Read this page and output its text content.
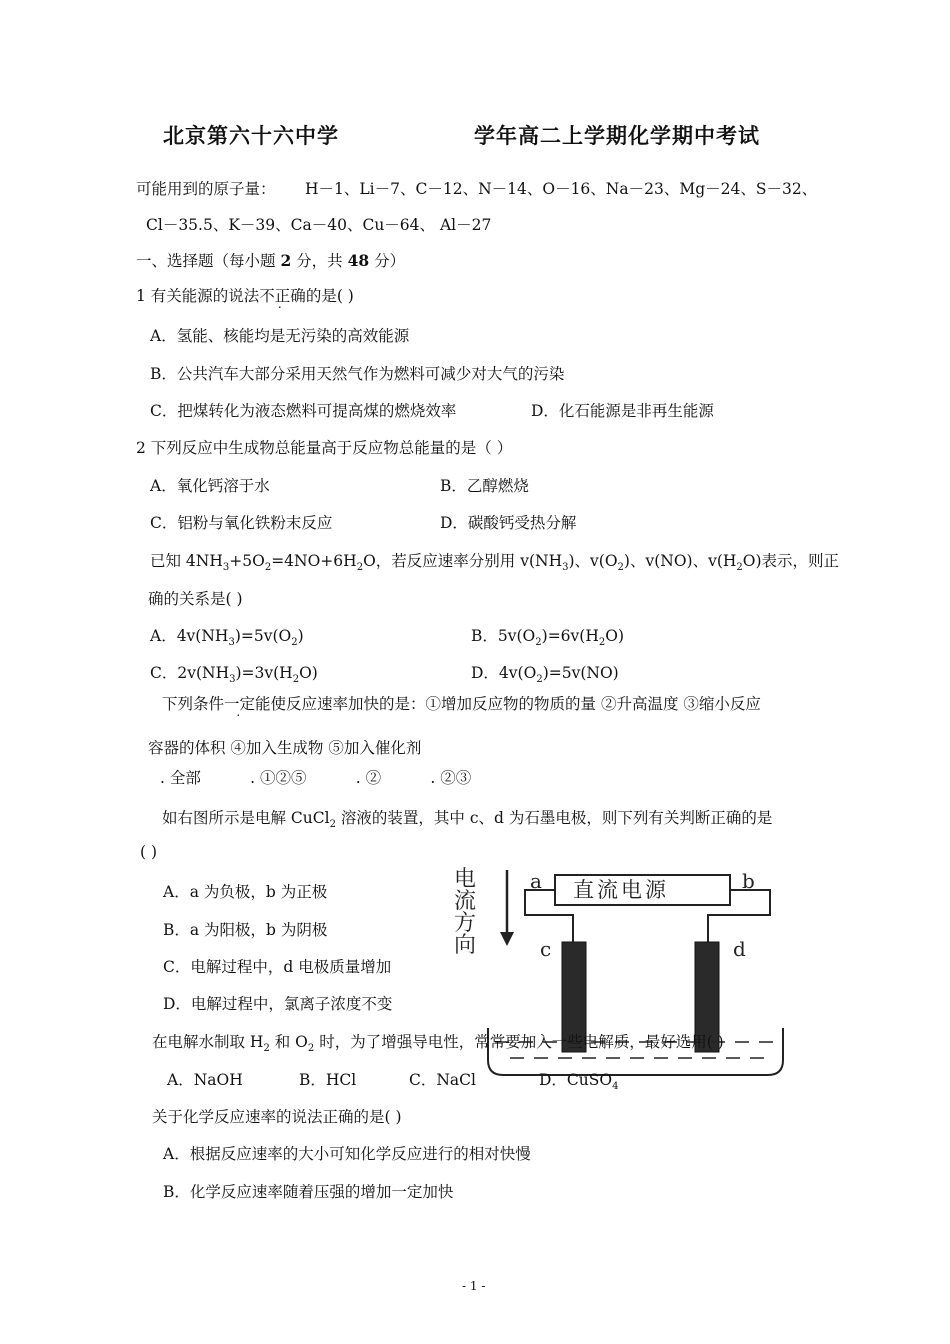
北京第六十六中学	学年高二上学期化学期中考试
可能用到的原子量： H－1、Li－7、C－12、N－14、O－16、Na－23、Mg－24、S－32、
Cl－35.5、K－39、Ca－40、Cu－64、 Al－27
一、选择题（每小题 2 分，共 48 分）
1 有关能源的说法不正确的是( )
A．氢能、核能均是无污染的高效能源
B．公共汽车大部分采用天然气作为燃料可减少对大气的污染
C．把煤转化为液态燃料可提高煤的燃烧效率	D．化石能源是非再生能源
2 下列反应中生成物总能量高于反应物总能量的是（ ）
A．氧化钙溶于水	B．乙醇燃烧
C．铝粉与氧化铁粉末反应	D．碳酸钙受热分解
已知 $4NH_3+5O_2=4NO+6H_2O$，若反应速率分别用 $v(NH_3)$、$v(O_2)$、v(NO)、$v(H_2O)$表示，则正
确的关系是( )
A．$4v(NH_3)=5v(O_2)$	B．$5v(O_2)=6v(H_2O)$
C．$2v(NH_3)=3v(H_2O)$	D．$4v(O_2)=5v(NO)$
下列条件一定能使反应速率加快的是：①增加反应物的物质的量 ②升高温度 ③缩小反应
容器的体积 ④加入生成物 ⑤加入催化剂
. 全部          . ①②⑤          . ②          . ②③
如右图所示是电解 CuCl$_2$ 溶液的装置，其中 c、d 为石墨电极，则下列有关判断正确的是
( )
A．a 为负极，b 为正极
B．a 为阳极，b 为阴极
C．电解过程中，d 电极质量增加
D．电解过程中，氯离子浓度不变
电
流
方
向
a	b
直流电源
c	d
在电解水制取 $H_2$ 和 $O_2$ 时，为了增强导电性，常常要加入一些电解质，最好选用( )
A．NaOH	B．HCl	C．NaCl	D．CuSO$_4$
关于化学反应速率的说法正确的是( )
A．根据反应速率的大小可知化学反应进行的相对快慢
B．化学反应速率随着压强的增加一定加快
- 1 -
